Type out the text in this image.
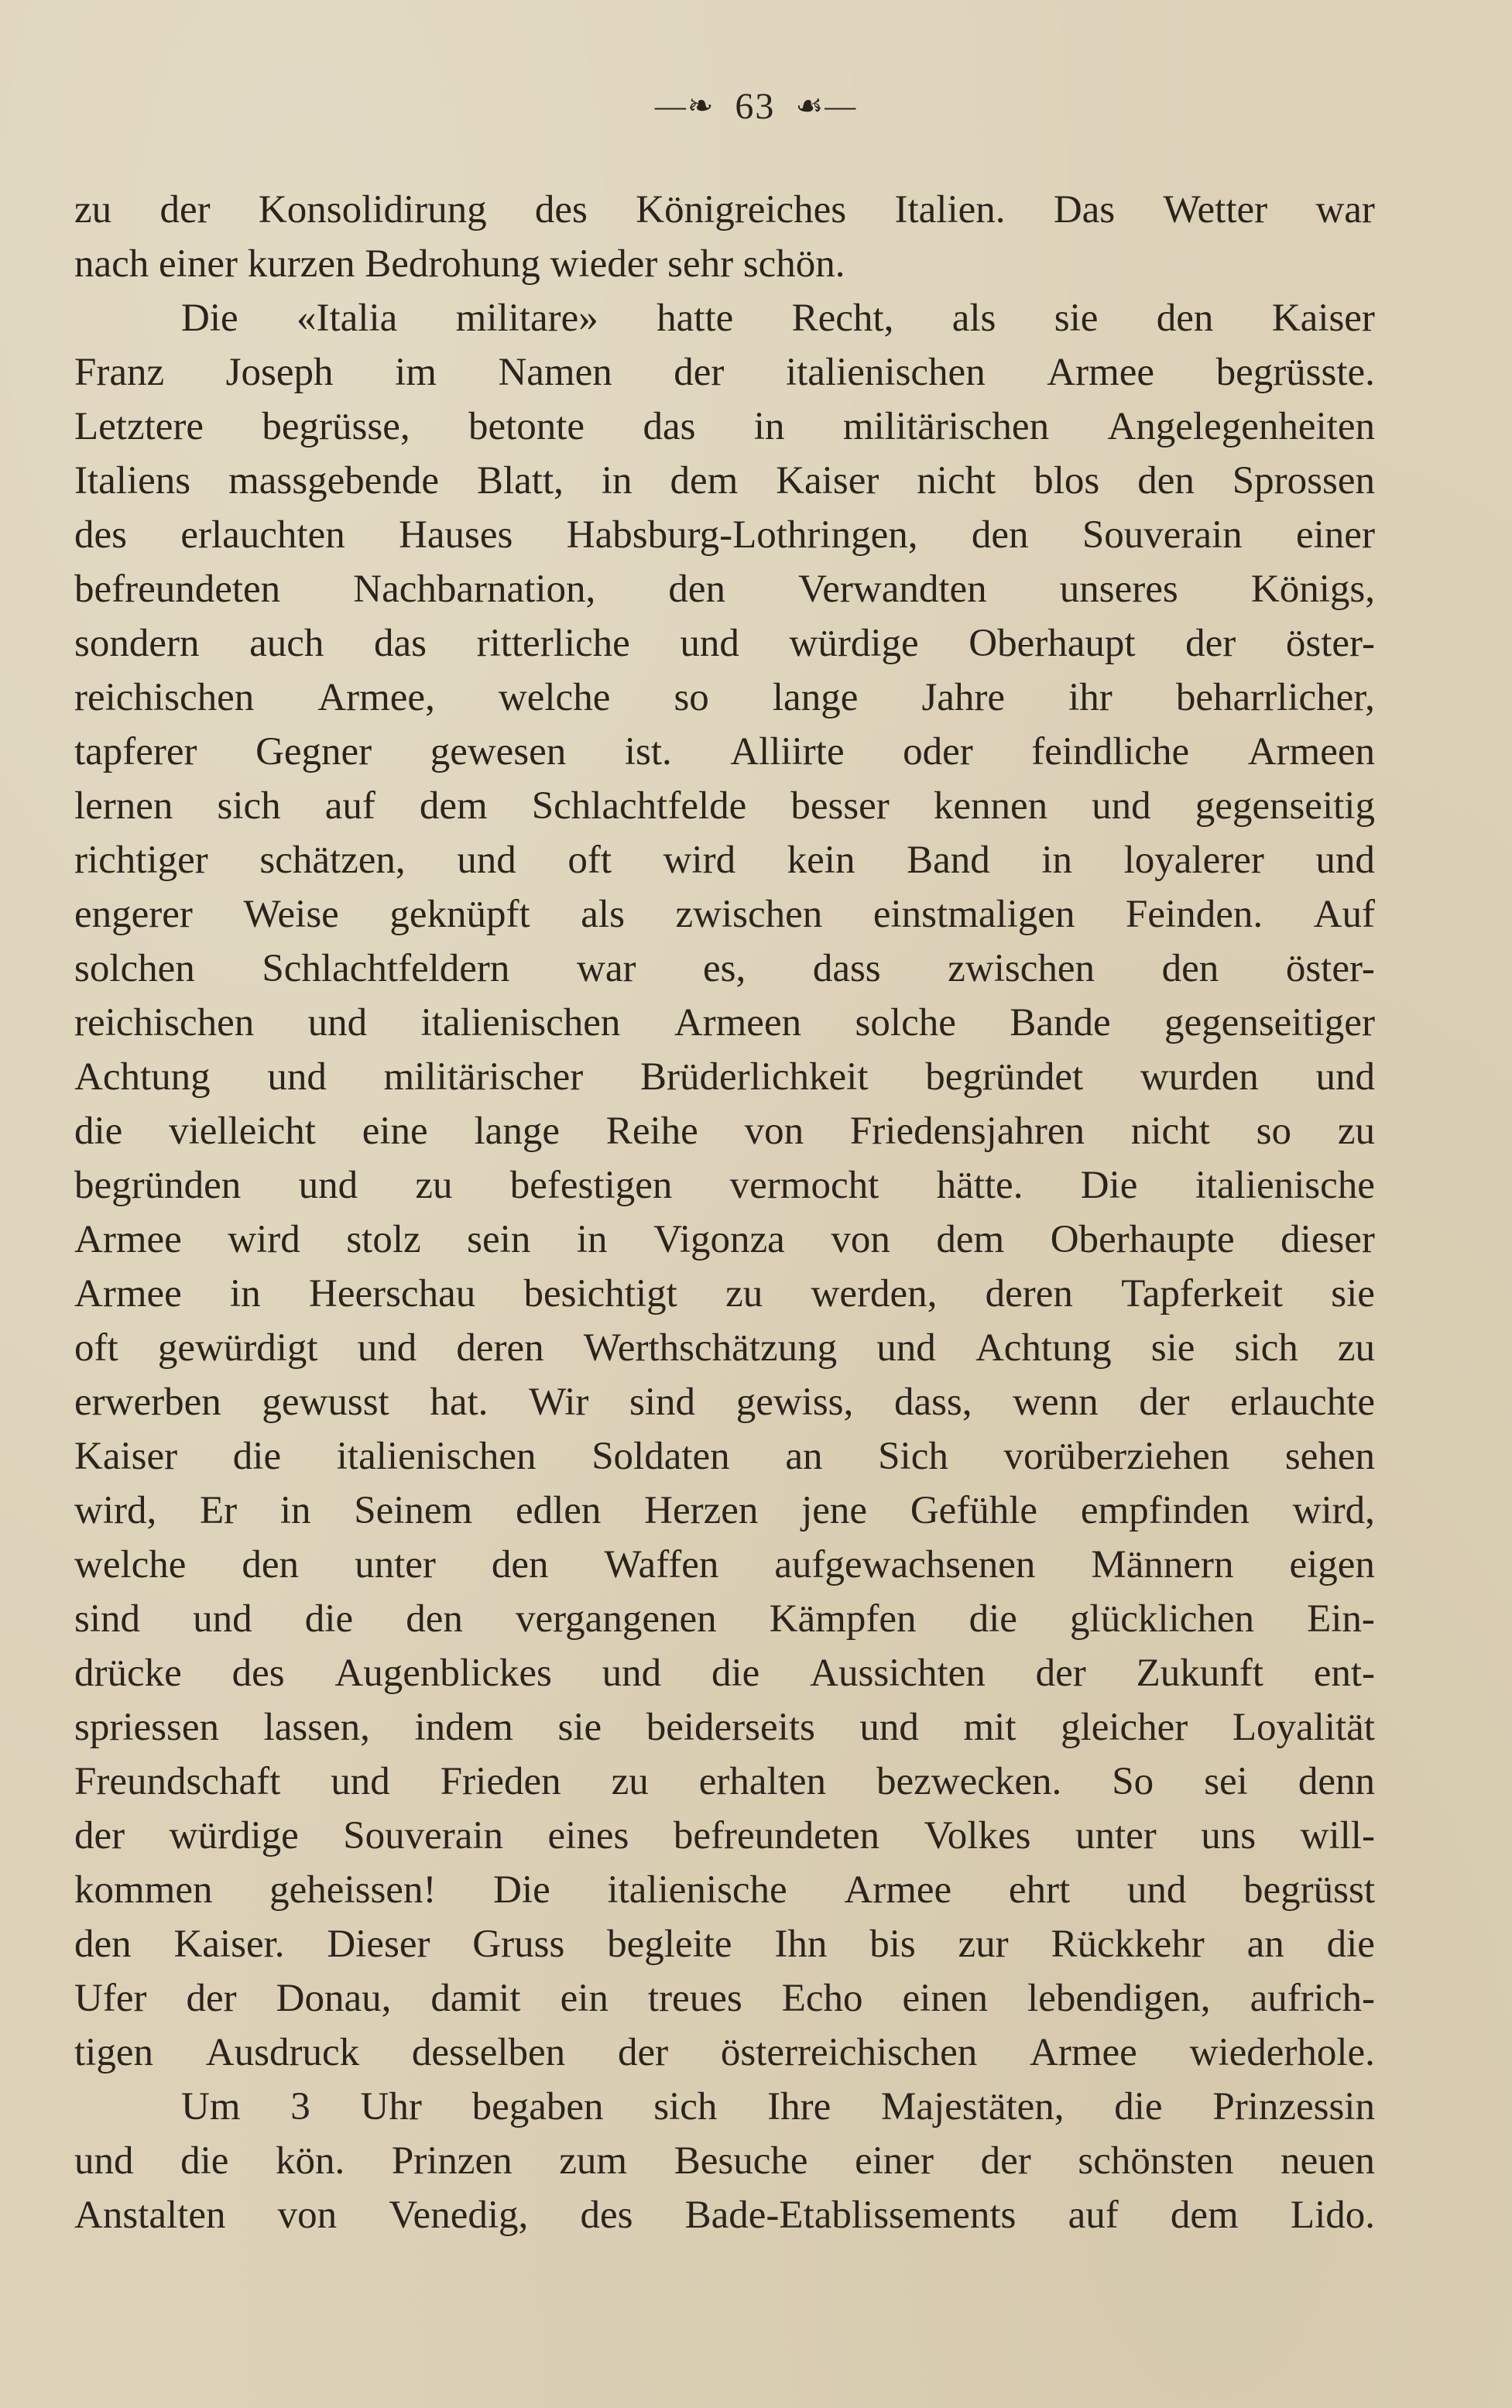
—❧ 63 ☙—
zu der Konsolidirung des Königreiches Italien. Das Wetter war
nach einer kurzen Bedrohung wieder sehr schön.
Die «Italia militare» hatte Recht, als sie den Kaiser
Franz Joseph im Namen der italienischen Armee begrüsste.
Letztere begrüsse, betonte das in militärischen Angelegenheiten
Italiens massgebende Blatt, in dem Kaiser nicht blos den Sprossen
des erlauchten Hauses Habsburg-Lothringen, den Souverain einer
befreundeten Nachbarnation, den Verwandten unseres Königs,
sondern auch das ritterliche und würdige Oberhaupt der öster-
reichischen Armee, welche so lange Jahre ihr beharrlicher,
tapferer Gegner gewesen ist. Alliirte oder feindliche Armeen
lernen sich auf dem Schlachtfelde besser kennen und gegenseitig
richtiger schätzen, und oft wird kein Band in loyalerer und
engerer Weise geknüpft als zwischen einstmaligen Feinden. Auf
solchen Schlachtfeldern war es, dass zwischen den öster-
reichischen und italienischen Armeen solche Bande gegenseitiger
Achtung und militärischer Brüderlichkeit begründet wurden und
die vielleicht eine lange Reihe von Friedensjahren nicht so zu
begründen und zu befestigen vermocht hätte. Die italienische
Armee wird stolz sein in Vigonza von dem Oberhaupte dieser
Armee in Heerschau besichtigt zu werden, deren Tapferkeit sie
oft gewürdigt und deren Werthschätzung und Achtung sie sich zu
erwerben gewusst hat. Wir sind gewiss, dass, wenn der erlauchte
Kaiser die italienischen Soldaten an Sich vorüberziehen sehen
wird, Er in Seinem edlen Herzen jene Gefühle empfinden wird,
welche den unter den Waffen aufgewachsenen Männern eigen
sind und die den vergangenen Kämpfen die glücklichen Ein-
drücke des Augenblickes und die Aussichten der Zukunft ent-
spriessen lassen, indem sie beiderseits und mit gleicher Loyalität
Freundschaft und Frieden zu erhalten bezwecken. So sei denn
der würdige Souverain eines befreundeten Volkes unter uns will-
kommen geheissen! Die italienische Armee ehrt und begrüsst
den Kaiser. Dieser Gruss begleite Ihn bis zur Rückkehr an die
Ufer der Donau, damit ein treues Echo einen lebendigen, aufrich-
tigen Ausdruck desselben der österreichischen Armee wiederhole.
Um 3 Uhr begaben sich Ihre Majestäten, die Prinzessin
und die kön. Prinzen zum Besuche einer der schönsten neuen
Anstalten von Venedig, des Bade-Etablissements auf dem Lido.
